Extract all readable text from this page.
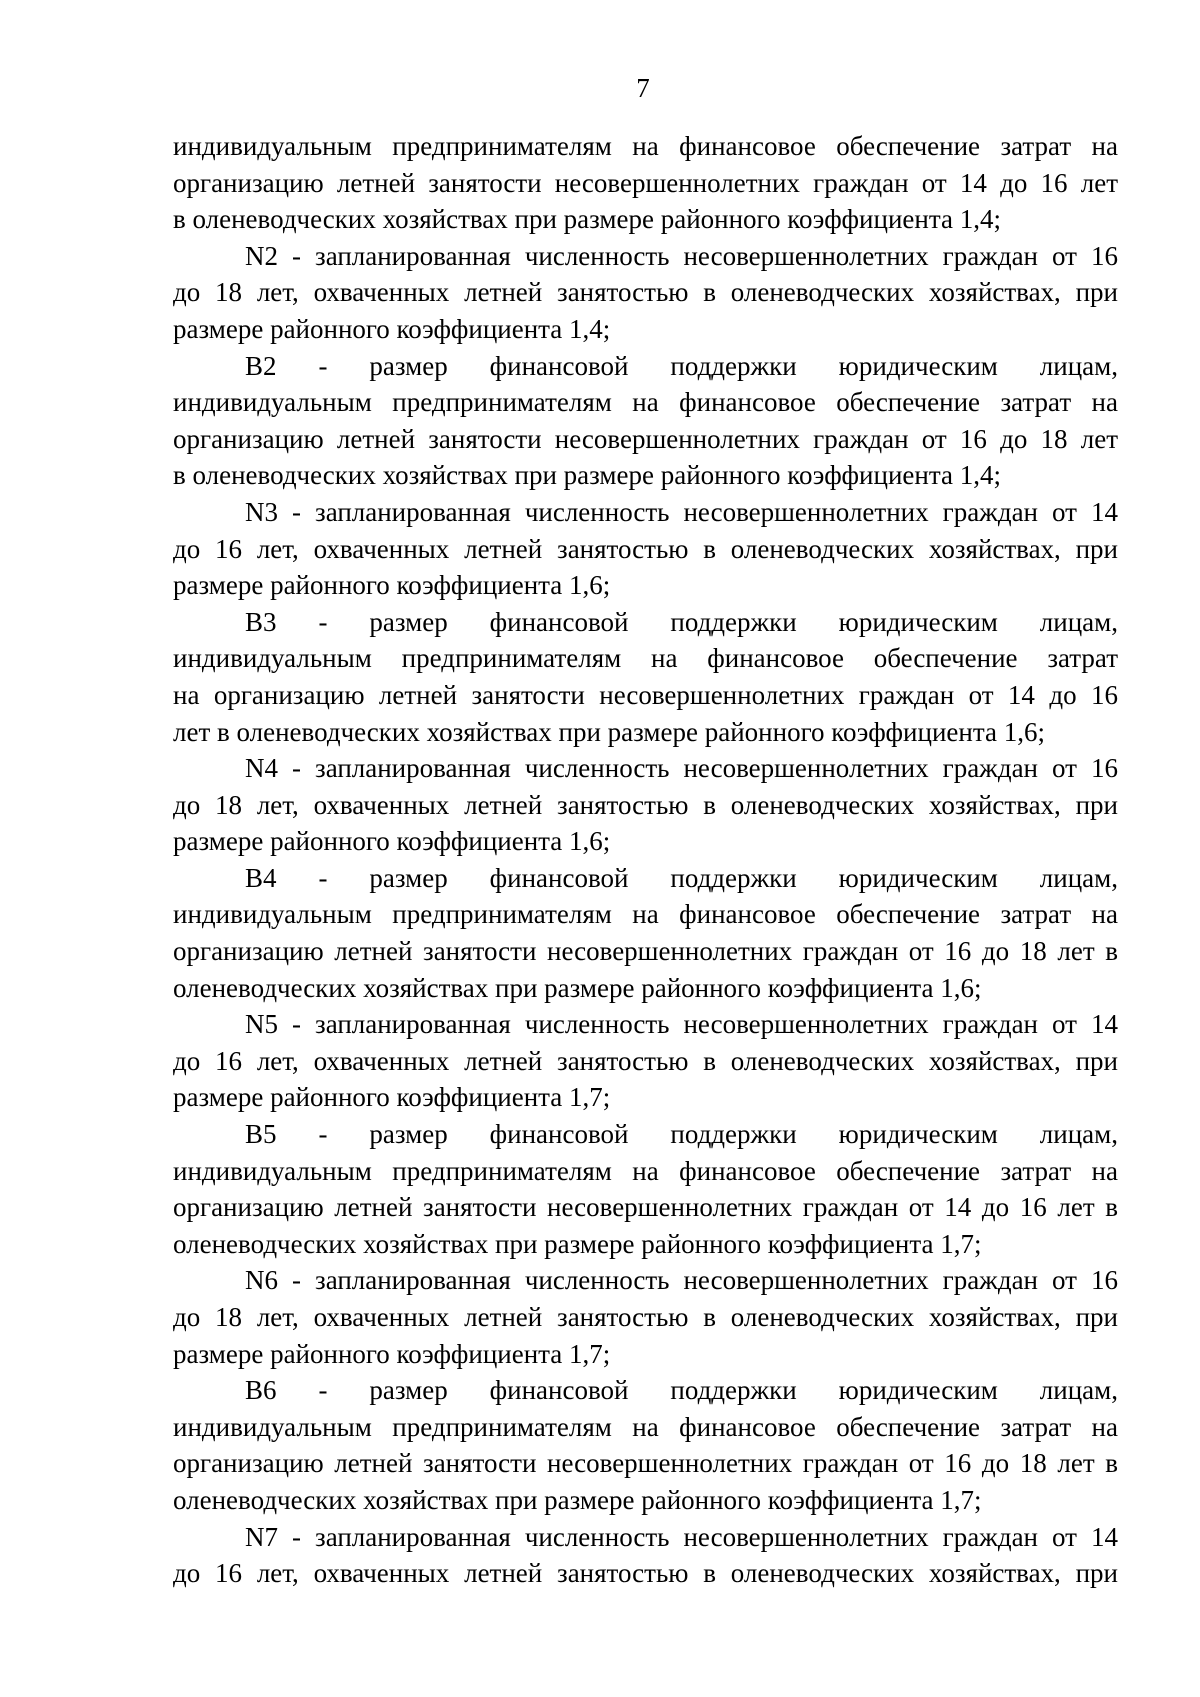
7
индивидуальным предпринимателям на финансовое обеспечение затрат на
организацию летней занятости несовершеннолетних граждан от 14 до 16 лет
в оленеводческих хозяйствах при размере районного коэффициента 1,4;
N2 - запланированная численность несовершеннолетних граждан от 16
до 18 лет, охваченных летней занятостью в оленеводческих хозяйствах, при
размере районного коэффициента 1,4;
B2 - размер финансовой поддержки юридическим лицам,
индивидуальным предпринимателям на финансовое обеспечение затрат на
организацию летней занятости несовершеннолетних граждан от 16 до 18 лет
в оленеводческих хозяйствах при размере районного коэффициента 1,4;
N3 - запланированная численность несовершеннолетних граждан от 14
до 16 лет, охваченных летней занятостью в оленеводческих хозяйствах, при
размере районного коэффициента 1,6;
B3 - размер финансовой поддержки юридическим лицам,
индивидуальным предпринимателям на финансовое обеспечение затрат
на организацию летней занятости несовершеннолетних граждан от 14 до 16
лет в оленеводческих хозяйствах при размере районного коэффициента 1,6;
N4 - запланированная численность несовершеннолетних граждан от 16
до 18 лет, охваченных летней занятостью в оленеводческих хозяйствах, при
размере районного коэффициента 1,6;
B4 - размер финансовой поддержки юридическим лицам,
индивидуальным предпринимателям на финансовое обеспечение затрат на
организацию летней занятости несовершеннолетних граждан от 16 до 18 лет в
оленеводческих хозяйствах при размере районного коэффициента 1,6;
N5 - запланированная численность несовершеннолетних граждан от 14
до 16 лет, охваченных летней занятостью в оленеводческих хозяйствах, при
размере районного коэффициента 1,7;
B5 - размер финансовой поддержки юридическим лицам,
индивидуальным предпринимателям на финансовое обеспечение затрат на
организацию летней занятости несовершеннолетних граждан от 14 до 16 лет в
оленеводческих хозяйствах при размере районного коэффициента 1,7;
N6 - запланированная численность несовершеннолетних граждан от 16
до 18 лет, охваченных летней занятостью в оленеводческих хозяйствах, при
размере районного коэффициента 1,7;
B6 - размер финансовой поддержки юридическим лицам,
индивидуальным предпринимателям на финансовое обеспечение затрат на
организацию летней занятости несовершеннолетних граждан от 16 до 18 лет в
оленеводческих хозяйствах при размере районного коэффициента 1,7;
N7 - запланированная численность несовершеннолетних граждан от 14
до 16 лет, охваченных летней занятостью в оленеводческих хозяйствах, при
